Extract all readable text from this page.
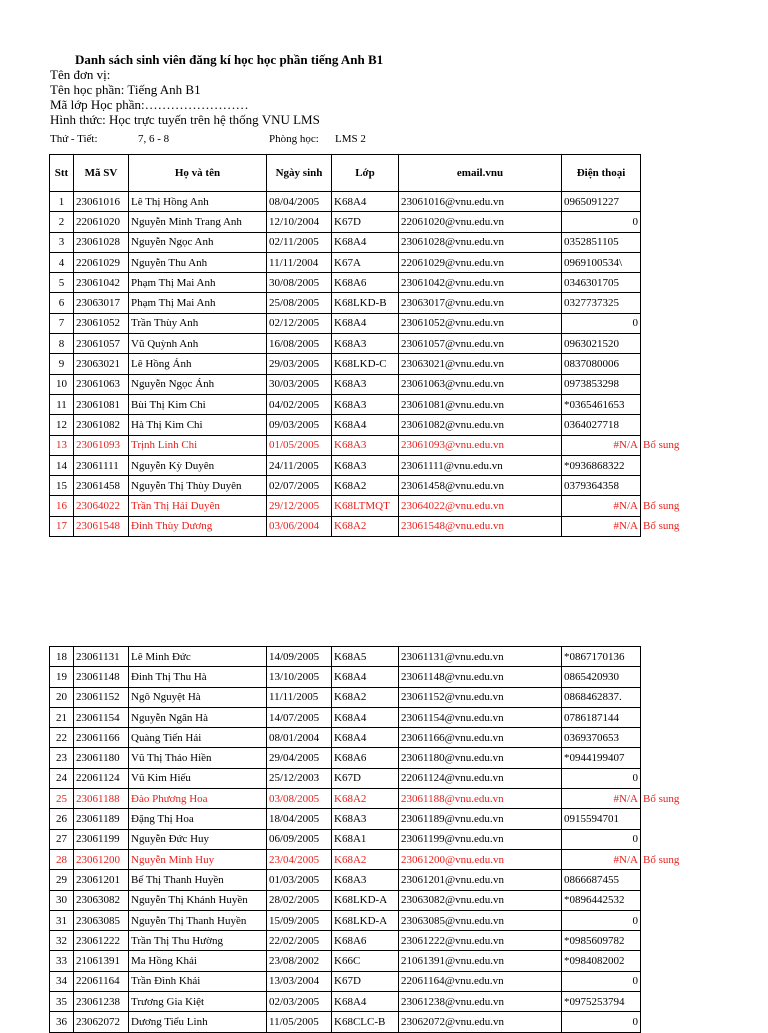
Danh sách sinh viên đăng kí học học phần tiếng Anh B1
Tên đơn vị:
Tên học phần: Tiếng Anh B1
Mã lớp Học phần:……………………
Hình thức: Học trực tuyến trên hệ thống VNU LMS
Thứ - Tiết:	7, 6 - 8	Phòng học: LMS 2
Stt	Mã SV	Họ và tên	Ngày sinh	Lớp	email.vnu	Điện thoại	
1	23061016	Lê Thị Hồng Anh	08/04/2005	K68A4	23061016@vnu.edu.vn	0965091227	
2	22061020	Nguyễn Minh Trang Anh	12/10/2004	K67D	22061020@vnu.edu.vn	0	
3	23061028	Nguyễn Ngọc Anh	02/11/2005	K68A4	23061028@vnu.edu.vn	0352851105	
4	22061029	Nguyễn Thu Anh	11/11/2004	K67A	22061029@vnu.edu.vn	0969100534\	
5	23061042	Phạm Thị Mai Anh	30/08/2005	K68A6	23061042@vnu.edu.vn	0346301705	
6	23063017	Phạm Thị Mai Anh	25/08/2005	K68LKD-B	23063017@vnu.edu.vn	0327737325	
7	23061052	Trần Thùy Anh	02/12/2005	K68A4	23061052@vnu.edu.vn	0	
8	23061057	Vũ Quỳnh Anh	16/08/2005	K68A3	23061057@vnu.edu.vn	0963021520	
9	23063021	Lê Hồng Ánh	29/03/2005	K68LKD-C	23063021@vnu.edu.vn	0837080006	
10	23061063	Nguyễn Ngọc Ánh	30/03/2005	K68A3	23061063@vnu.edu.vn	0973853298	
11	23061081	Bùi Thị Kim Chi	04/02/2005	K68A3	23061081@vnu.edu.vn	*0365461653	
12	23061082	Hà Thị Kim Chi	09/03/2005	K68A4	23061082@vnu.edu.vn	0364027718	
13	23061093	Trịnh Linh Chi	01/05/2005	K68A3	23061093@vnu.edu.vn	#N/A	Bổ sung
14	23061111	Nguyễn Kỳ Duyên	24/11/2005	K68A3	23061111@vnu.edu.vn	*0936868322	
15	23061458	Nguyễn Thị Thùy Duyên	02/07/2005	K68A2	23061458@vnu.edu.vn	0379364358	
16	23064022	Trần Thị Hải Duyên	29/12/2005	K68LTMQT	23064022@vnu.edu.vn	#N/A	Bổ sung
17	23061548	Đinh Thùy Dương	03/06/2004	K68A2	23061548@vnu.edu.vn	#N/A	Bổ sung
18	23061131	Lê Minh Đức	14/09/2005	K68A5	23061131@vnu.edu.vn	*0867170136	
19	23061148	Đinh Thị Thu Hà	13/10/2005	K68A4	23061148@vnu.edu.vn	0865420930	
20	23061152	Ngô Nguyệt Hà	11/11/2005	K68A2	23061152@vnu.edu.vn	0868462837.	
21	23061154	Nguyễn Ngân Hà	14/07/2005	K68A4	23061154@vnu.edu.vn	0786187144	
22	23061166	Quàng Tiến Hải	08/01/2004	K68A4	23061166@vnu.edu.vn	0369370653	
23	23061180	Vũ Thị Thảo Hiền	29/04/2005	K68A6	23061180@vnu.edu.vn	*0944199407	
24	22061124	Vũ Kim Hiếu	25/12/2003	K67D	22061124@vnu.edu.vn	0	
25	23061188	Đào Phương Hoa	03/08/2005	K68A2	23061188@vnu.edu.vn	#N/A	Bổ sung
26	23061189	Đặng Thị Hoa	18/04/2005	K68A3	23061189@vnu.edu.vn	0915594701	
27	23061199	Nguyễn Đức Huy	06/09/2005	K68A1	23061199@vnu.edu.vn	0	
28	23061200	Nguyễn Minh Huy	23/04/2005	K68A2	23061200@vnu.edu.vn	#N/A	Bổ sung
29	23061201	Bế Thị Thanh Huyền	01/03/2005	K68A3	23061201@vnu.edu.vn	0866687455	
30	23063082	Nguyễn Thị Khánh Huyền	28/02/2005	K68LKD-A	23063082@vnu.edu.vn	*0896442532	
31	23063085	Nguyễn Thị Thanh Huyền	15/09/2005	K68LKD-A	23063085@vnu.edu.vn	0	
32	23061222	Trần Thị Thu Hường	22/02/2005	K68A6	23061222@vnu.edu.vn	*0985609782	
33	21061391	Ma Hồng Khải	23/08/2002	K66C	21061391@vnu.edu.vn	*0984082002	
34	22061164	Trần Đình Khải	13/03/2004	K67D	22061164@vnu.edu.vn	0	
35	23061238	Trương Gia Kiệt	02/03/2005	K68A4	23061238@vnu.edu.vn	*0975253794	
36	23062072	Dương Tiểu Linh	11/05/2005	K68CLC-B	23062072@vnu.edu.vn	0	
